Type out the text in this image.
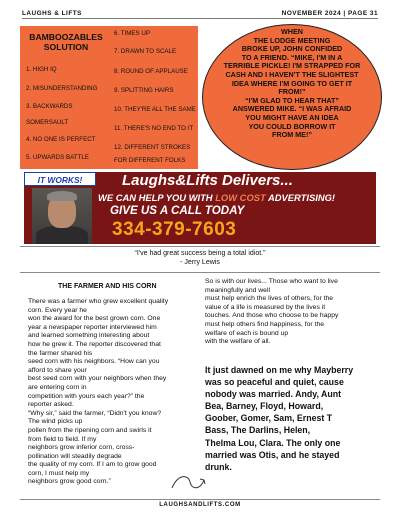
LAUGHS & LIFTS	NOVEMBER 2024 | PAGE 31
BAMBOOZABLES
SOLUTION
1. HIGH IQ
2. MISUNDERSTANDING
3. BACKWARDS
SOMERSAULT
4. NO ONE IS PERFECT
5. UPWARDS BATTLE
6. TIMES UP
7. DRAWN TO SCALE
8. ROUND OF APPLAUSE
9. SPLITTING HAIRS
10. THEY'RE ALL THE SAME
11. THERE'S NO END TO IT
12. DIFFERENT STROKES
FOR DIFFERENT FOLKS
WHEN
THE LODGE MEETING
BROKE UP, JOHN CONFIDED
TO A FRIEND. “MIKE, I'M IN A
TERRIBLE PICKLE! I'M STRAPPED FOR
CASH AND I HAVEN'T THE SLIGHTEST
IDEA WHERE I'M GOING TO GET IT
FROM!”
“I'M GLAD TO HEAR THAT”
ANSWERED MIKE. “I WAS AFRAID
YOU MIGHT HAVE AN IDEA
YOU COULD BORROW IT
FROM ME!”
IT WORKS!	Laughs&Lifts Delivers...
WE CAN HELP YOU WITH LOW COST ADVERTISING!
GIVE US A CALL TODAY
334-379-7603
“I've had great success being a total idiot.”
- Jerry Lewis
THE FARMER AND HIS CORN
There was a farmer who grew excellent quality
corn. Every year he
won the award for the best grown corn. One
year a newspaper reporter interviewed him
and learned something interesting about
how he grew it. The reporter discovered that
the farmer shared his
seed corn with his neighbors. “How can you
afford to share your
best seed corn with your neighbors when they
are entering corn in
competition with yours each year?” the
reporter asked.
“Why sir,” said the farmer, “Didn't you know?
The wind picks up
pollen from the ripening corn and swirls it
from field to field. If my
neighbors grow inferior corn, cross-
pollination will steadily degrade
the quality of my corn. If I am to grow good
corn, I must help my
neighbors grow good corn.”
So is with our lives... Those who want to live
meaningfully and well
must help enrich the lives of others, for the
value of a life is measured by the lives it
touches. And those who choose to be happy
must help others find happiness, for the
welfare of each is bound up
with the welfare of all.
It just dawned on me why Mayberry
was so peaceful and quiet, cause
nobody was married. Andy, Aunt
Bea, Barney, Floyd, Howard,
Goober, Gomer, Sam, Ernest T
Bass, The Darlins, Helen,
Thelma Lou, Clara. The only one
married was Otis, and he stayed
drunk.
LAUGHSANDLIFTS.COM
